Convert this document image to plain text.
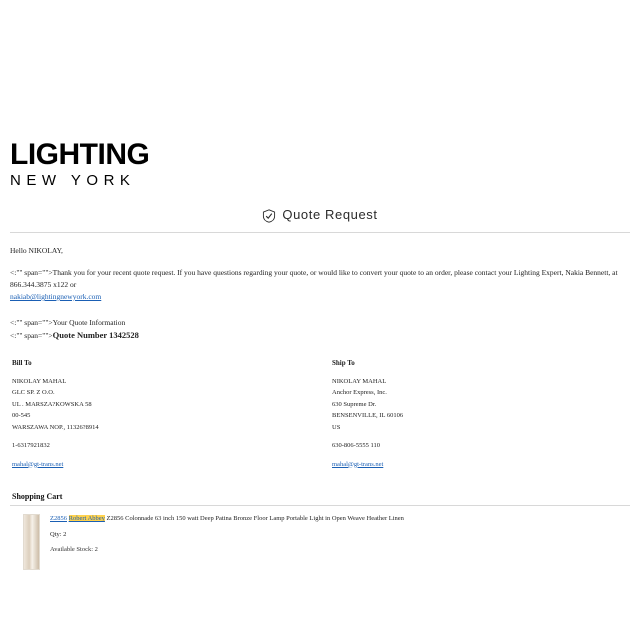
LIGHTING
NEW YORK
Quote Request
Hello NIKOLAY,
<:"" span="">Thank you for your recent quote request. If you have questions regarding your quote, or would like to convert your quote to an order, please contact your Lighting Expert, Nakia Bennett, at 866.344.3875 x122 or
nakiab@lightingnewyork.com
<:"" span="">Your Quote Information
<:"" span="">Quote Number 1342528
Bill To
NIKOLAY MAHAL
GLC SP. Z O.O.
UL . MARSZA?KOWSKA 58
00-545
WARSZAWA NOP., 11326?8914
1-6317921832
mahal@gt-trans.net
Ship To
NIKOLAY MAHAL
Anchor Express, Inc.
630 Supreme Dr.
BENSENVILLE, IL 60106
US
630-806-5555 110
mahal@gt-trans.net
Shopping Cart
Z2856 Robert Abbey Z2856 Colonnade 63 inch 150 watt Deep Patina Bronze Floor Lamp Portable Light in Open Weave Heather Linen
Qty: 2
Available Stock: 2
